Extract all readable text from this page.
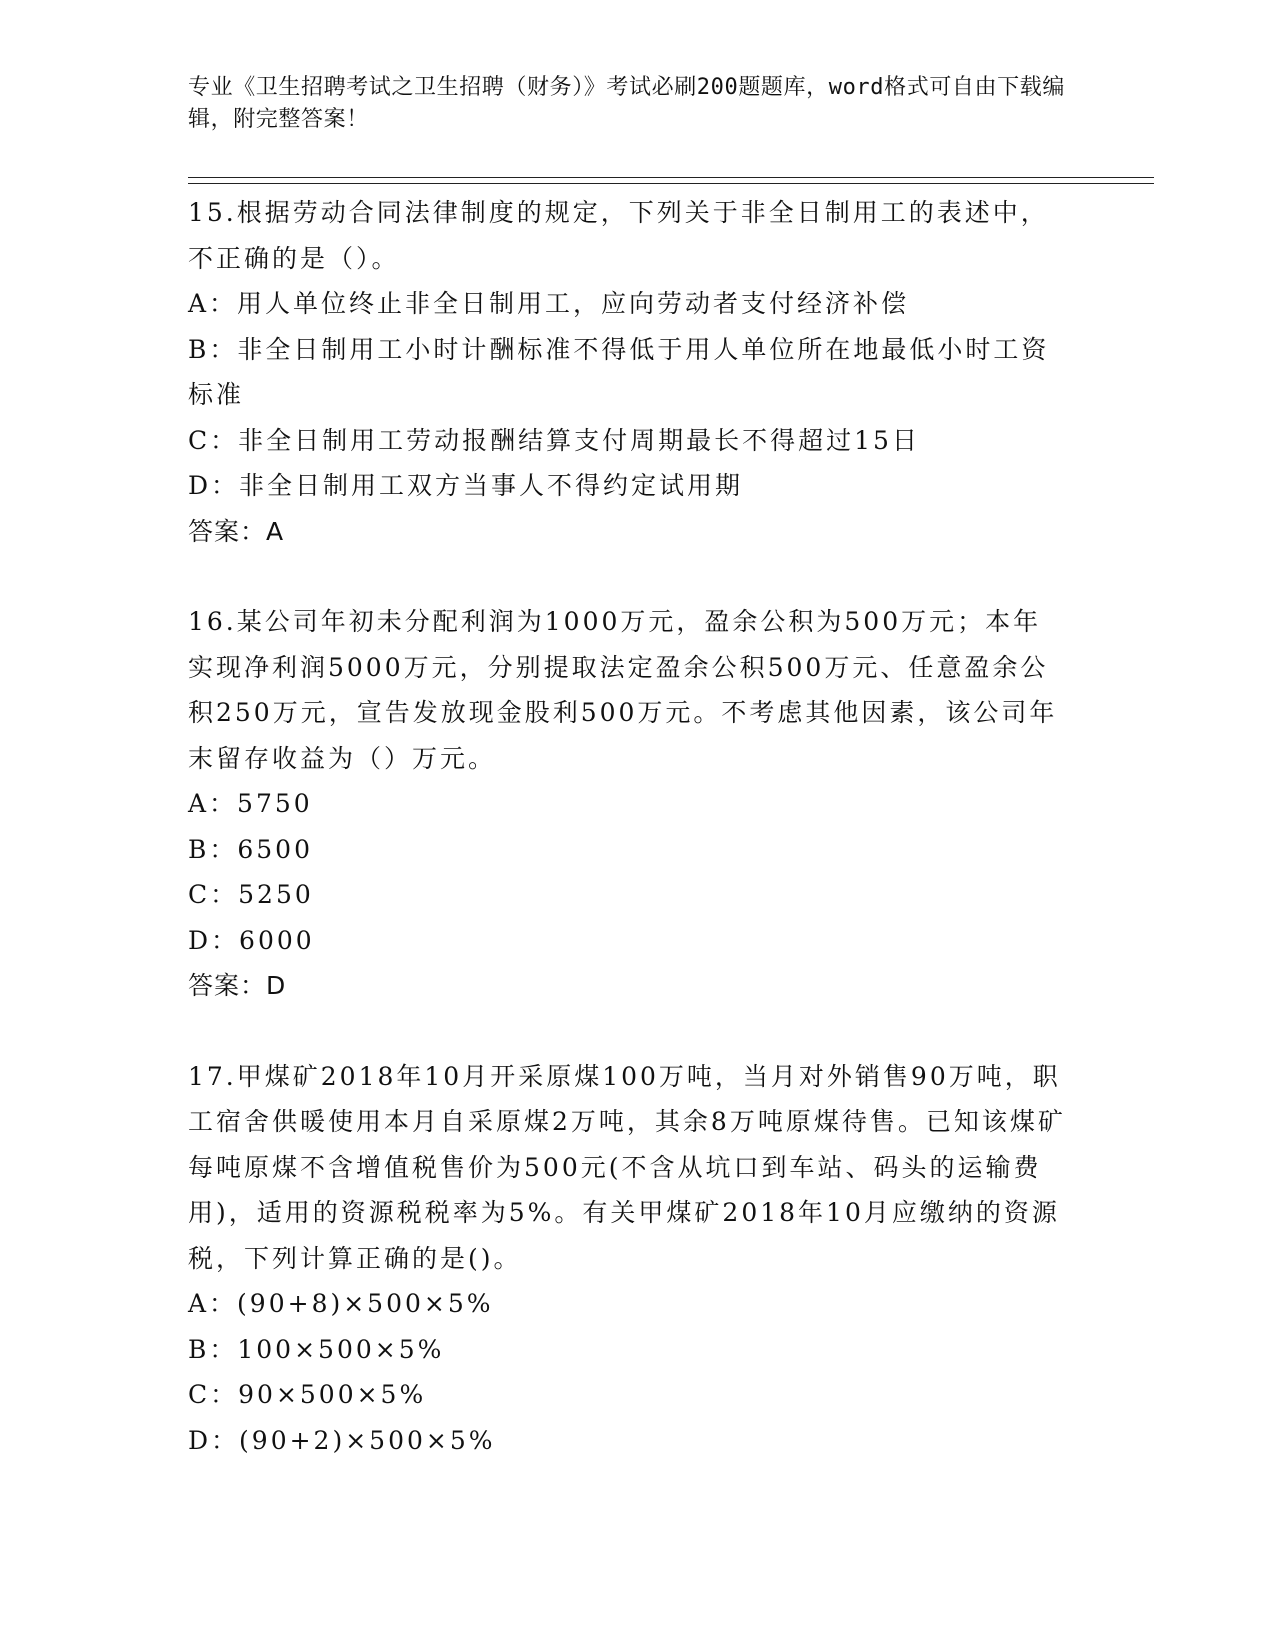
专业《卫生招聘考试之卫生招聘（财务）》考试必刷200题题库，word格式可自由下载编辑，附完整答案！

15.根据劳动合同法律制度的规定，下列关于非全日制用工的表述中，不正确的是（）。

A：用人单位终止非全日制用工，应向劳动者支付经济补偿

B：非全日制用工小时计酬标准不得低于用人单位所在地最低小时工资标准

C：非全日制用工劳动报酬结算支付周期最长不得超过15日

D：非全日制用工双方当事人不得约定试用期

答案：A

16.某公司年初未分配利润为1000万元，盈余公积为500万元；本年实现净利润5000万元，分别提取法定盈余公积500万元、任意盈余公积250万元，宣告发放现金股利500万元。不考虑其他因素，该公司年末留存收益为（）万元。

A：5750

B：6500

C：5250

D：6000

答案：D

17.甲煤矿2018年10月开采原煤100万吨，当月对外销售90万吨，职工宿舍供暖使用本月自采原煤2万吨，其余8万吨原煤待售。已知该煤矿每吨原煤不含增值税售价为500元(不含从坑口到车站、码头的运输费用)，适用的资源税税率为5%。有关甲煤矿2018年10月应缴纳的资源税，下列计算正确的是()。

A：(90+8)×500×5%

B：100×500×5%

C：90×500×5%

D：(90+2)×500×5%
